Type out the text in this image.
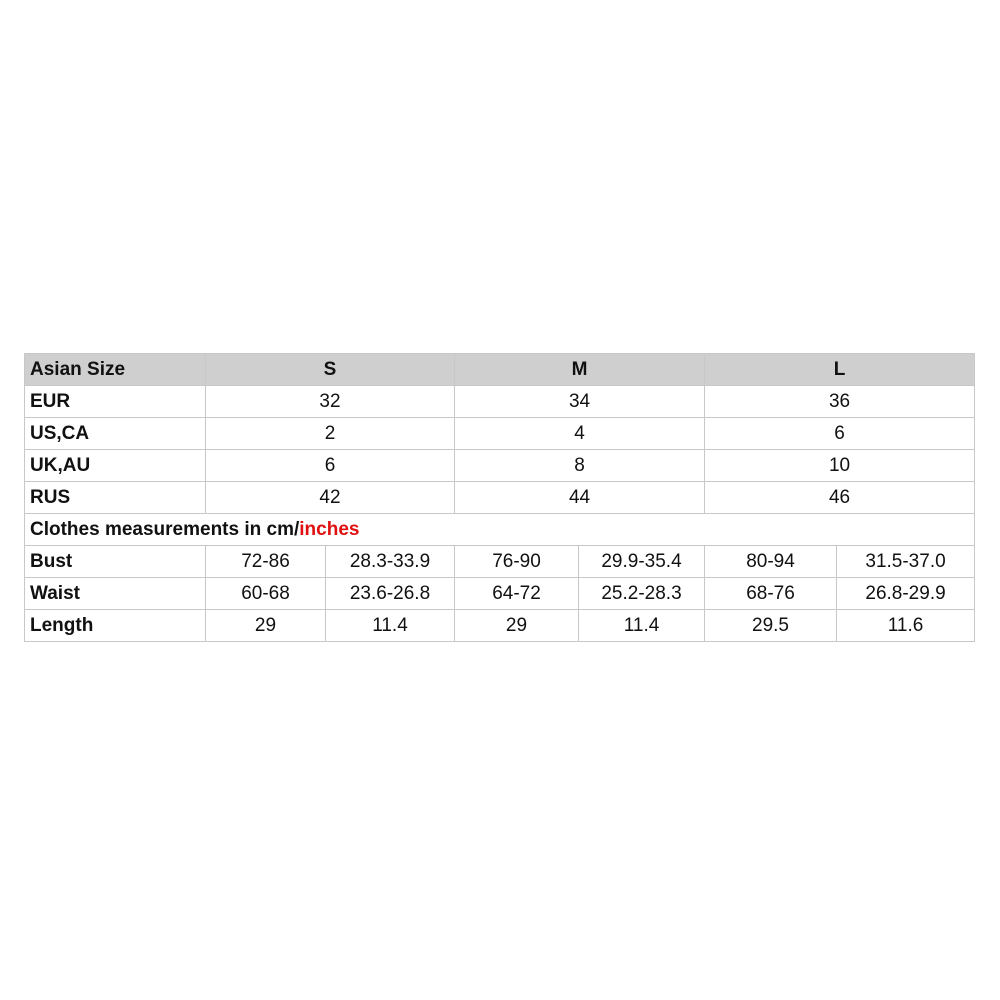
Asian Size	S		M		L	
EUR	32		34		36	
US,CA	2		4		6	
UK,AU	6		8		10	
RUS	42		44		46	
Clothes measurements in cm/inches						
Bust	72-86	28.3-33.9	76-90	29.9-35.4	80-94	31.5-37.0
Waist	60-68	23.6-26.8	64-72	25.2-28.3	68-76	26.8-29.9
Length	29	11.4	29	11.4	29.5	11.6
